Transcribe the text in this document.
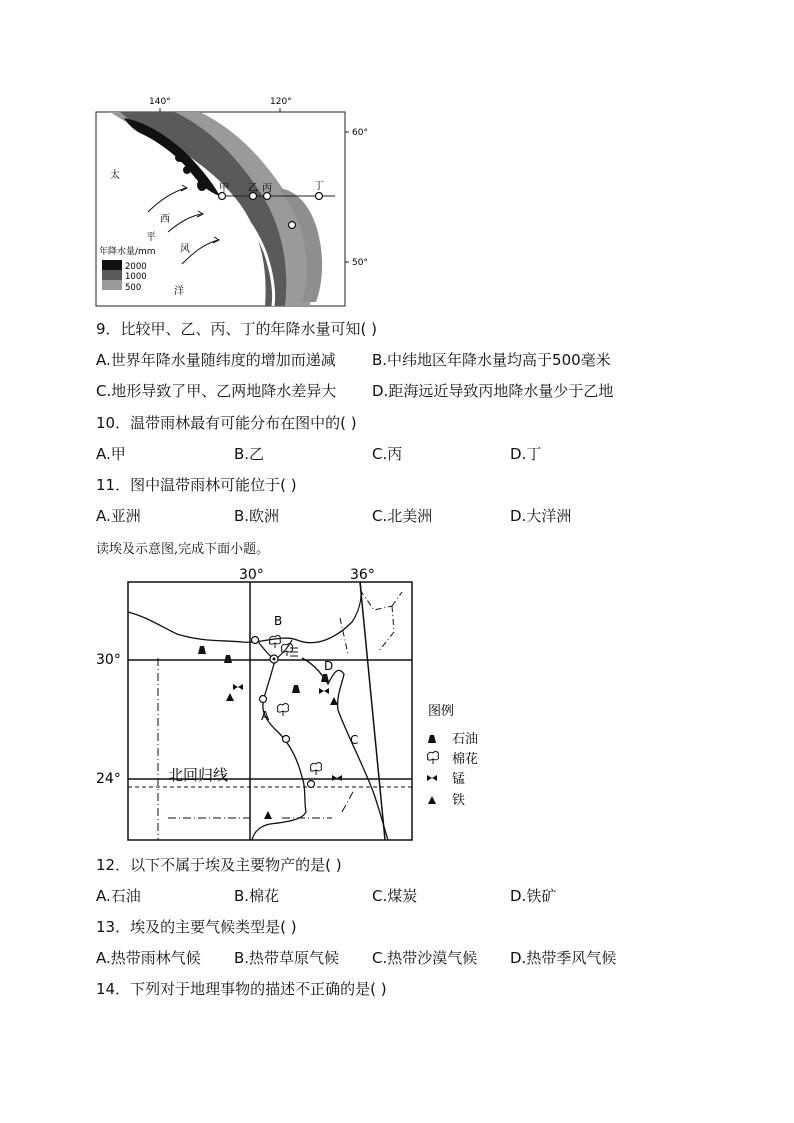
140°	120°
60°
50°
甲 乙 丙	丁
太
平
洋
西
风
年降水量/mm
2000
1000
500
9．比较甲、乙、丙、丁的年降水量可知( )
A.世界年降水量随纬度的增加而递减 B.中纬地区年降水量均高于500毫米
C.地形导致了甲、乙两地降水差异大 D.距海远近导致丙地降水量少于乙地
10．温带雨林最有可能分布在图中的( )
A.甲	B.乙	C.丙	D.丁
11．图中温带雨林可能位于( )
A.亚洲	B.欧洲	C.北美洲	D.大洋洲
读埃及示意图,完成下面小题。
30°	36°
30°
24°	北回归线
A
B
C
D
图例
石油
棉花
锰
铁
12．以下不属于埃及主要物产的是( )
A.石油	B.棉花	C.煤炭	D.铁矿
13．埃及的主要气候类型是( )
A.热带雨林气候 B.热带草原气候 C.热带沙漠气候 D.热带季风气候
14．下列对于地理事物的描述不正确的是( )
